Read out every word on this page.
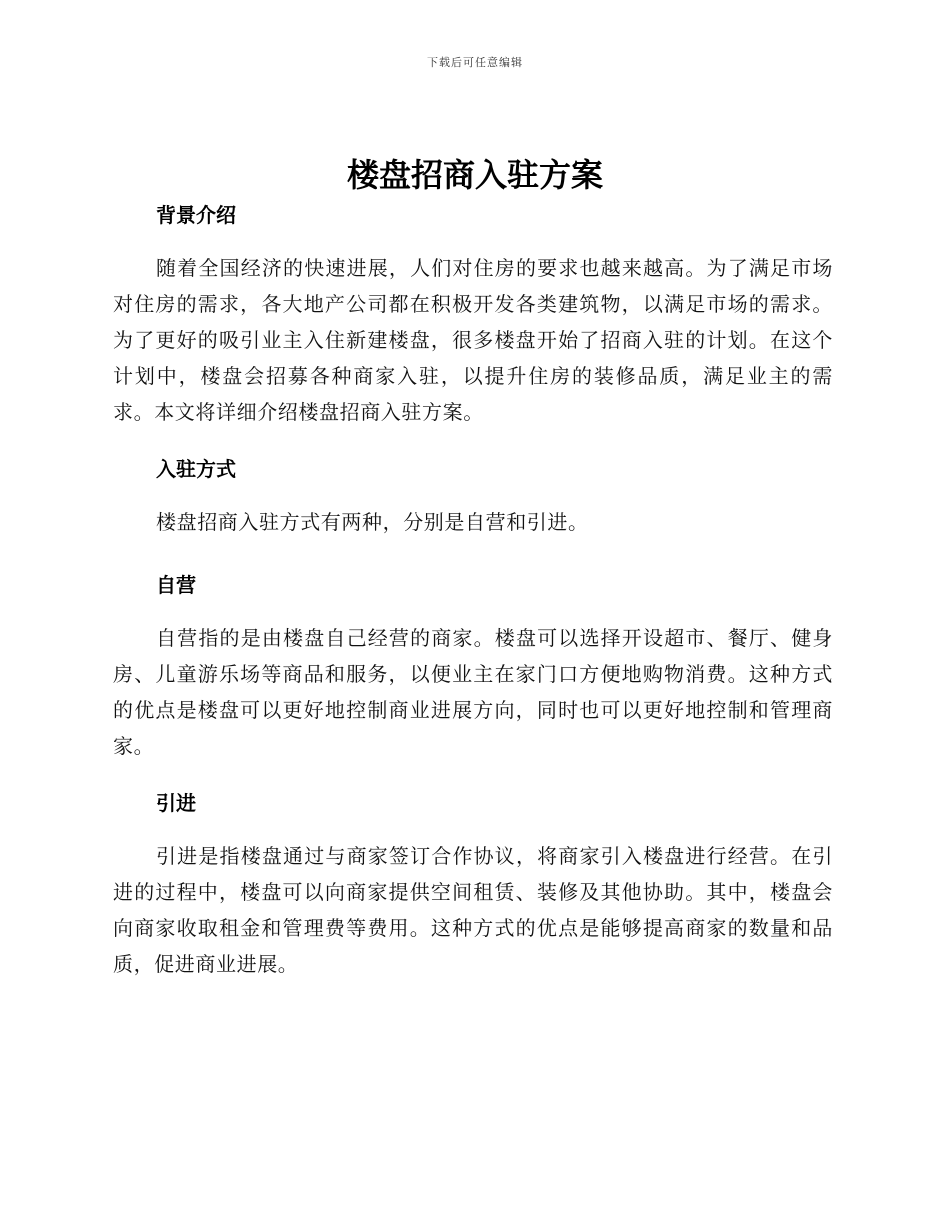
下载后可任意编辑
楼盘招商入驻方案
背景介绍

随着全国经济的快速进展，人们对住房的要求也越来越高。为了满足市场对住房的需求，各大地产公司都在积极开发各类建筑物，以满足市场的需求。为了更好的吸引业主入住新建楼盘，很多楼盘开始了招商入驻的计划。在这个计划中，楼盘会招募各种商家入驻，以提升住房的装修品质，满足业主的需求。本文将详细介绍楼盘招商入驻方案。

入驻方式

楼盘招商入驻方式有两种，分别是自营和引进。

自营

自营指的是由楼盘自己经营的商家。楼盘可以选择开设超市、餐厅、健身房、儿童游乐场等商品和服务，以便业主在家门口方便地购物消费。这种方式的优点是楼盘可以更好地控制商业进展方向，同时也可以更好地控制和管理商家。

引进

引进是指楼盘通过与商家签订合作协议，将商家引入楼盘进行经营。在引进的过程中，楼盘可以向商家提供空间租赁、装修及其他协助。其中，楼盘会向商家收取租金和管理费等费用。这种方式的优点是能够提高商家的数量和品质，促进商业进展。
